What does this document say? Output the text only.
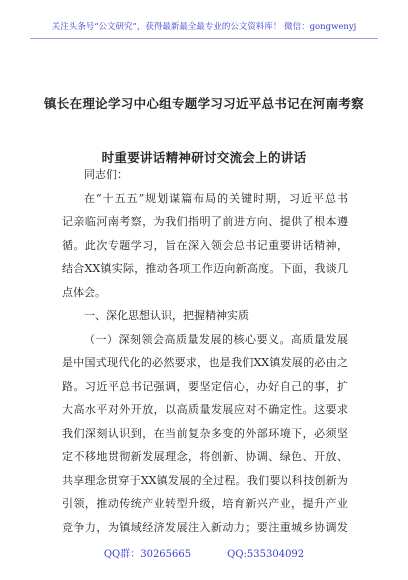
关注头条号“公文研究”，获得最新最全最专业的公文资料库！ 微信：gongwenyj
镇长在理论学习中心组专题学习习近平总书记在河南考察
时重要讲话精神研讨交流会上的讲话

同志们：

在“十五五”规划谋篇布局的关键时期，习近平总书

记亲临河南考察，为我们指明了前进方向、提供了根本遵

循。此次专题学习，旨在深入领会总书记重要讲话精神，

结合XX镇实际，推动各项工作迈向新高度。下面，我谈几

点体会。

一、深化思想认识，把握精神实质

（一）深刻领会高质量发展的核心要义。高质量发展

是中国式现代化的必然要求，也是我们XX镇发展的必由之

路。习近平总书记强调，要坚定信心，办好自己的事，扩

大高水平对外开放，以高质量发展应对不确定性。这要求

我们深刻认识到，在当前复杂多变的外部环境下，必须坚

定不移地贯彻新发展理念，将创新、协调、绿色、开放、

共享理念贯穿于XX镇发展的全过程。我们要以科技创新为

引领，推动传统产业转型升级，培育新兴产业，提升产业

竞争力，为镇域经济发展注入新动力；要注重城乡协调发

QQ群：30265665	QQ:535304092
